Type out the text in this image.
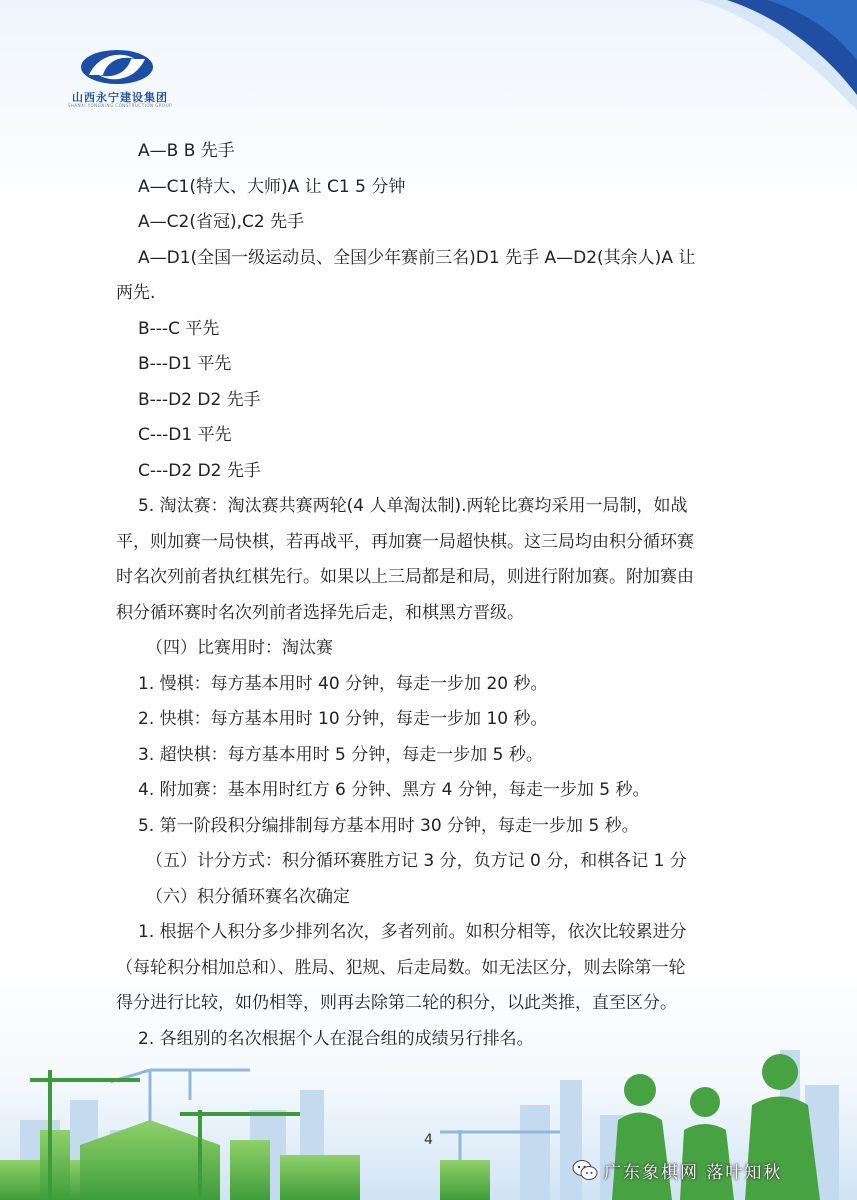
山西永宁建设集团
SHANXI YONGNING CONSTRUCTION GROUP

A—B B 先手

A—C1(特大、大师)A 让 C1 5 分钟

A—C2(省冠),C2 先手

A—D1(全国一级运动员、全国少年赛前三名)D1 先手 A—D2(其余人)A 让

两先.

B---C 平先

B---D1 平先

B---D2 D2 先手

C---D1 平先

C---D2 D2 先手

5. 淘汰赛：淘汰赛共赛两轮(4 人单淘汰制).两轮比赛均采用一局制，如战

平，则加赛一局快棋，若再战平，再加赛一局超快棋。这三局均由积分循环赛

时名次列前者执红棋先行。如果以上三局都是和局，则进行附加赛。附加赛由

积分循环赛时名次列前者选择先后走，和棋黑方晋级。

（四）比赛用时：淘汰赛

1. 慢棋：每方基本用时 40 分钟，每走一步加 20 秒。

2. 快棋：每方基本用时 10 分钟，每走一步加 10 秒。

3. 超快棋：每方基本用时 5 分钟，每走一步加 5 秒。

4. 附加赛：基本用时红方 6 分钟、黑方 4 分钟，每走一步加 5 秒。

5. 第一阶段积分编排制每方基本用时 30 分钟，每走一步加 5 秒。

（五）计分方式：积分循环赛胜方记 3 分，负方记 0 分，和棋各记 1 分

（六）积分循环赛名次确定

1. 根据个人积分多少排列名次，多者列前。如积分相等，依次比较累进分

（每轮积分相加总和）、胜局、犯规、后走局数。如无法区分，则去除第一轮

得分进行比较，如仍相等，则再去除第二轮的积分，以此类推，直至区分。

2. 各组别的名次根据个人在混合组的成绩另行排名。

4
广东象棋网 落叶知秋
